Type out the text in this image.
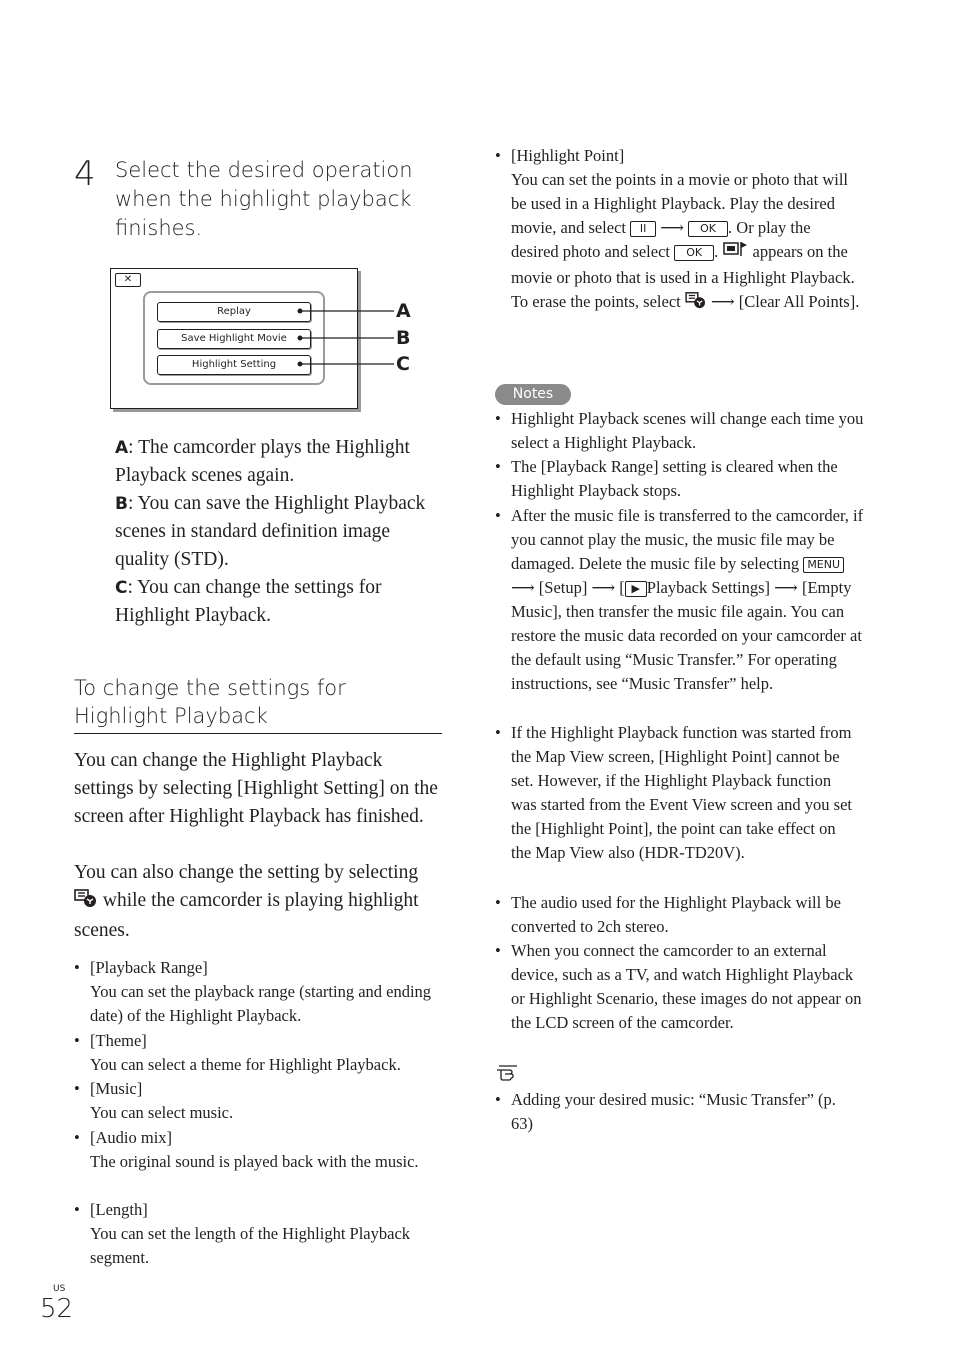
4 Select the desired operation when the highlight playback finishes.
✕
Replay
Save Highlight Movie
Highlight Setting
A
B
C
A: The camcorder plays the Highlight Playback scenes again.
B: You can save the Highlight Playback scenes in standard definition image quality (STD).
C: You can change the settings for Highlight Playback.
To change the settings for Highlight Playback
You can change the Highlight Playback settings by selecting [Highlight Setting] on the screen after Highlight Playback has finished.
You can also change the setting by selecting
while the camcorder is playing highlight scenes.
• [Playback Range]
You can set the playback range (starting and ending date) of the Highlight Playback.
• [Theme]
You can select a theme for Highlight Playback.
• [Music]
You can select music.
• [Audio mix]
The original sound is played back with the music.
• [Length]
You can set the length of the Highlight Playback segment.
• [Highlight Point]
You can set the points in a movie or photo that will be used in a Highlight Playback. Play the desired movie, and select II ⟶ OK . Or play the desired photo and select OK .  appears on the movie or photo that is used in a Highlight Playback.
To erase the points, select ⟶ [Clear All Points].
Notes
• Highlight Playback scenes will change each time you select a Highlight Playback.
• The [Playback Range] setting is cleared when the Highlight Playback stops.
• After the music file is transferred to the camcorder, if you cannot play the music, the music file may be damaged. Delete the music file by selecting MENU ⟶ [Setup] ⟶ [ ▶ Playback Settings] ⟶ [Empty Music], then transfer the music file again. You can restore the music data recorded on your camcorder at the default using “Music Transfer.” For operating instructions, see “Music Transfer” help.
• If the Highlight Playback function was started from the Map View screen, [Highlight Point] cannot be set. However, if the Highlight Playback function was started from the Event View screen and you set the [Highlight Point], the point can take effect on the Map View also (HDR-TD20V).
• The audio used for the Highlight Playback will be converted to 2ch stereo.
• When you connect the camcorder to an external device, such as a TV, and watch Highlight Playback or Highlight Scenario, these images do not appear on the LCD screen of the camcorder.
• Adding your desired music: “Music Transfer” (p. 63)
US
52
